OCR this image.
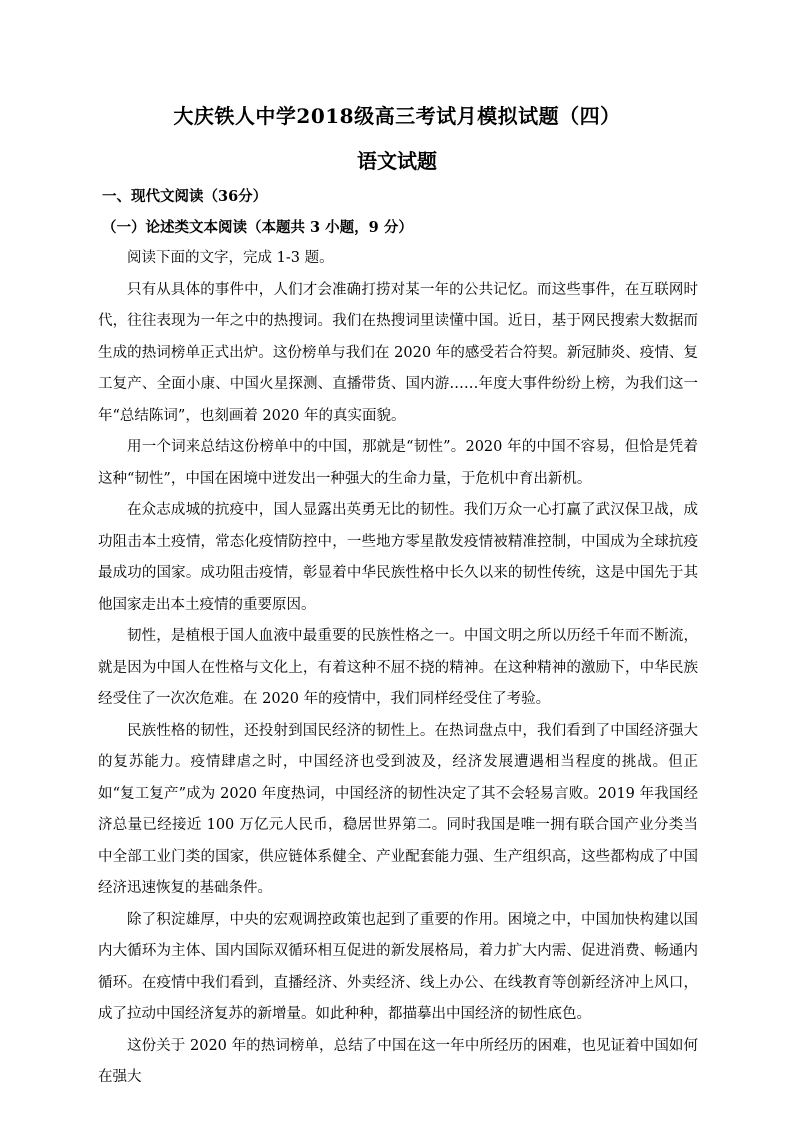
大庆铁人中学2018级高三考试月模拟试题（四）
语文试题
一、现代文阅读（36分）
（一）论述类文本阅读（本题共 3 小题，9 分）

阅读下面的文字，完成 1-3 题。

只有从具体的事件中，人们才会准确打捞对某一年的公共记忆。而这些事件，在互联网时代，往往表现为一年之中的热搜词。我们在热搜词里读懂中国。近日，基于网民搜索大数据而生成的热词榜单正式出炉。这份榜单与我们在 2020 年的感受若合符契。新冠肺炎、疫情、复工复产、全面小康、中国火星探测、直播带货、国内游……年度大事件纷纷上榜，为我们这一年“总结陈词”，也刻画着 2020 年的真实面貌。

用一个词来总结这份榜单中的中国，那就是“韧性”。2020 年的中国不容易，但恰是凭着这种“韧性”，中国在困境中迸发出一种强大的生命力量，于危机中育出新机。

在众志成城的抗疫中，国人显露出英勇无比的韧性。我们万众一心打赢了武汉保卫战，成功阻击本土疫情，常态化疫情防控中，一些地方零星散发疫情被精准控制，中国成为全球抗疫最成功的国家。成功阻击疫情，彰显着中华民族性格中长久以来的韧性传统，这是中国先于其他国家走出本土疫情的重要原因。

韧性，是植根于国人血液中最重要的民族性格之一。中国文明之所以历经千年而不断流，就是因为中国人在性格与文化上，有着这种不屈不挠的精神。在这种精神的激励下，中华民族经受住了一次次危难。在 2020 年的疫情中，我们同样经受住了考验。

民族性格的韧性，还投射到国民经济的韧性上。在热词盘点中，我们看到了中国经济强大的复苏能力。疫情肆虐之时，中国经济也受到波及，经济发展遭遇相当程度的挑战。但正如“复工复产”成为 2020 年度热词，中国经济的韧性决定了其不会轻易言败。2019 年我国经济总量已经接近 100 万亿元人民币，稳居世界第二。同时我国是唯一拥有联合国产业分类当中全部工业门类的国家，供应链体系健全、产业配套能力强、生产组织高，这些都构成了中国经济迅速恢复的基础条件。

除了积淀雄厚，中央的宏观调控政策也起到了重要的作用。困境之中，中国加快构建以国内大循环为主体、国内国际双循环相互促进的新发展格局，着力扩大内需、促进消费、畅通内循环。在疫情中我们看到，直播经济、外卖经济、线上办公、在线教育等创新经济冲上风口，成了拉动中国经济复苏的新增量。如此种种，都描摹出中国经济的韧性底色。

这份关于 2020 年的热词榜单，总结了中国在这一年中所经历的困难，也见证着中国如何在强大
